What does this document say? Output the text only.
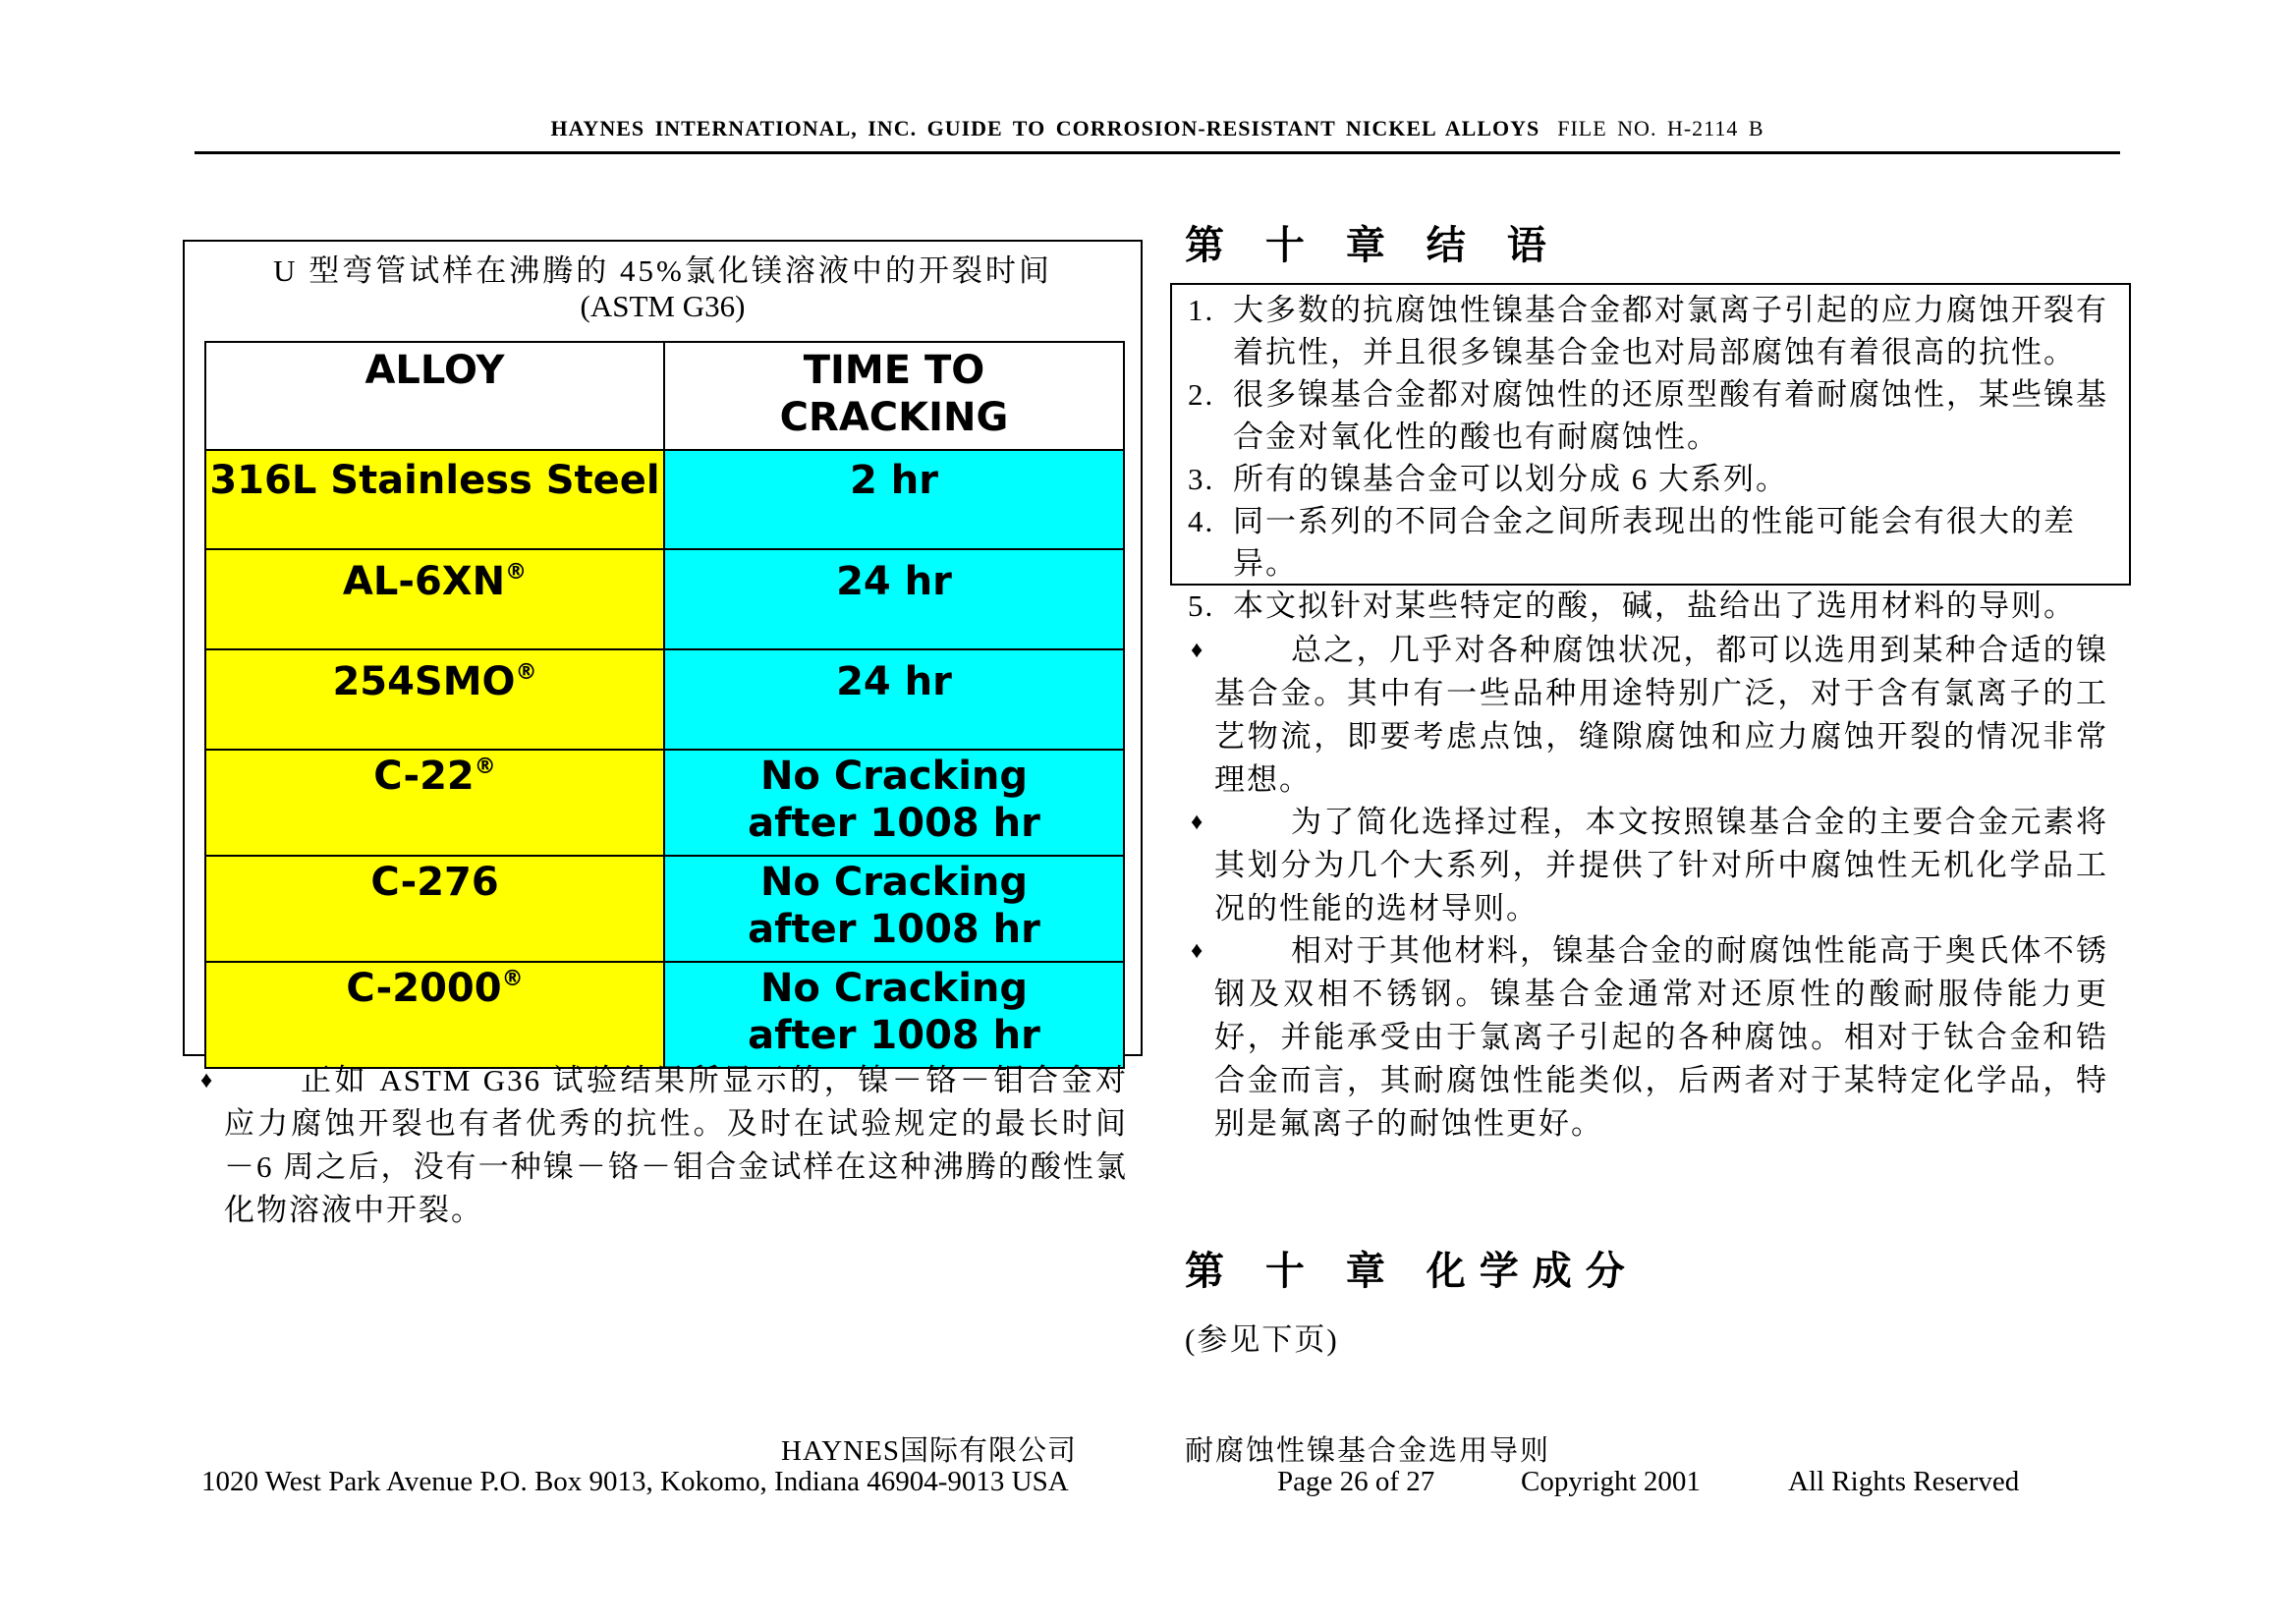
HAYNES INTERNATIONAL, INC. GUIDE TO CORROSION-RESISTANT NICKEL ALLOYS FILE NO. H-2114 B
U 型弯管试样在沸腾的 45%氯化镁溶液中的开裂时间
(ASTM G36)
ALLOY	TIME TO CRACKING
316L Stainless Steel	2 hr
AL-6XN®	24 hr
254SMO®	24 hr
C-22®	No Cracking after 1008 hr
C-276	No Cracking after 1008 hr
C-2000®	No Cracking after 1008 hr
♦	正如 ASTM G36 试验结果所显示的，镍－铬－钼合金对应力腐蚀开裂也有者优秀的抗性。及时在试验规定的最长时间－6 周之后，没有一种镍－铬－钼合金试样在这种沸腾的酸性氯化物溶液中开裂。
第 十 章 结 语
1. 大多数的抗腐蚀性镍基合金都对氯离子引起的应力腐蚀开裂有着抗性，并且很多镍基合金也对局部腐蚀有着很高的抗性。
2. 很多镍基合金都对腐蚀性的还原型酸有着耐腐蚀性，某些镍基合金对氧化性的酸也有耐腐蚀性。
3. 所有的镍基合金可以划分成 6 大系列。
4. 同一系列的不同合金之间所表现出的性能可能会有很大的差异。
5. 本文拟针对某些特定的酸，碱，盐给出了选用材料的导则。
♦	总之，几乎对各种腐蚀状况，都可以选用到某种合适的镍基合金。其中有一些品种用途特别广泛，对于含有氯离子的工艺物流，即要考虑点蚀，缝隙腐蚀和应力腐蚀开裂的情况非常理想。
♦	为了简化选择过程，本文按照镍基合金的主要合金元素将其划分为几个大系列，并提供了针对所中腐蚀性无机化学品工况的性能的选材导则。
♦	相对于其他材料，镍基合金的耐腐蚀性能高于奥氏体不锈钢及双相不锈钢。镍基合金通常对还原性的酸耐服侍能力更好，并能承受由于氯离子引起的各种腐蚀。相对于钛合金和锆合金而言，其耐腐蚀性能类似，后两者对于某特定化学品，特别是氟离子的耐蚀性更好。
第 十 章 化学成分
(参见下页)
HAYNES国际有限公司	耐腐蚀性镍基合金选用导则
1020 West Park Avenue P.O. Box 9013, Kokomo, Indiana 46904-9013 USA	Page 26 of 27	Copyright 2001	All Rights Reserved
